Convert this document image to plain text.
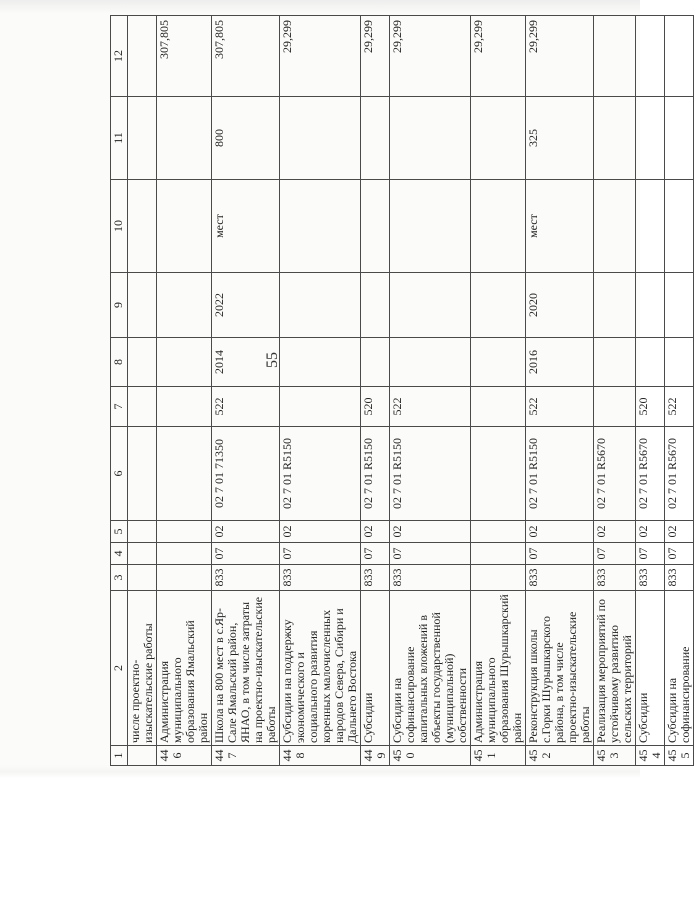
55
1	2	3	4	5	6	7	8	9	10	11	12
	числе проектно-изыскательские работы										
446	Администрация муниципального образования Ямальский район										307,805
447	Школа на 800 мест в с.Яр-Сале Ямальский район, ЯНАО, в том числе затраты на проектно-изыскательские работы	833	07	02	02 7 01 71350	522	2014	2022	мест	800	307,805
448	Субсидии на поддержку экономического и социального развития коренных малочисленных народов Севера, Сибири и Дальнего Востока	833	07	02	02 7 01 R5150						29,299
449	Субсидии	833	07	02	02 7 01 R5150	520					29,299
450	Субсидии на софинансирование капитальных вложений в объекты государственной (муниципальной) собственности	833	07	02	02 7 01 R5150	522					29,299
451	Администрация муниципального образования Шурышкарский район										29,299
452	Реконструкция школы с.Горки Шурышкарского района, в том числе проектно-изыскательские работы	833	07	02	02 7 01 R5150	522	2016	2020	мест	325	29,299
453	Реализация мероприятий по устойчивому развитию сельских территорий	833	07	02	02 7 01 R5670						
454	Субсидии	833	07	02	02 7 01 R5670	520					
455	Субсидии на софинансирование	833	07	02	02 7 01 R5670	522					
